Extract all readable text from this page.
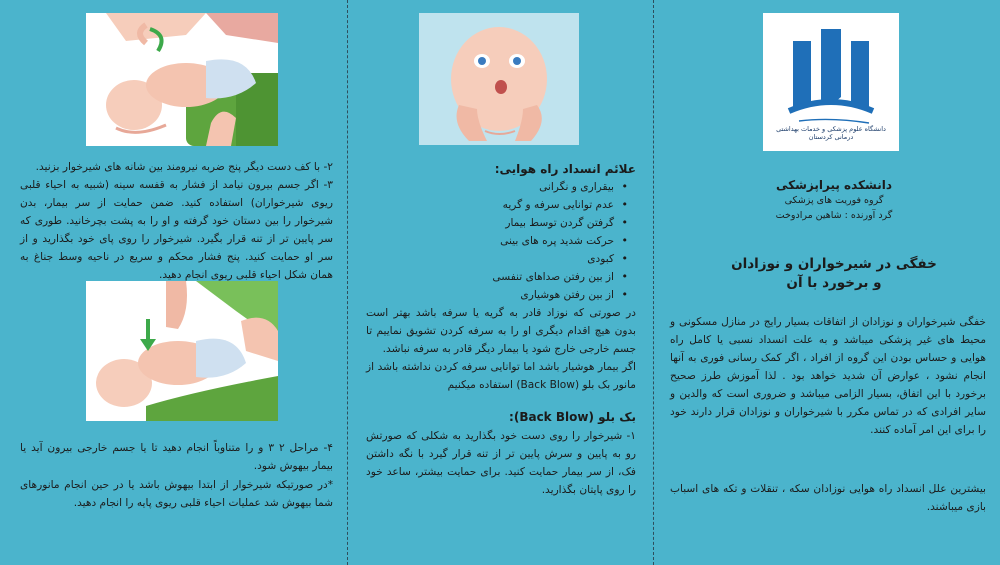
۲- با کف دست دیگر پنج ضربه نیرومند بین شانه های شیرخوار بزنید.
۳- اگر جسم بیرون نیامد از فشار به قفسه سینه (شبیه به احیاء قلبی ریوی شیرخواران) استفاده کنید. ضمن حمایت از سر بیمار، بدن شیرخوار را بین دستان خود گرفته و او را به پشت بچرخانید. طوری که سر پایین تر از تنه قرار بگیرد. شیرخوار را روی پای خود بگذارید و از سر او حمایت کنید. پنج فشار محکم و سریع در ناحیه وسط جناغ به همان شکل احیاء قلبی ریوی انجام دهید.
۴- مراحل ۲ ۳ و را متناوباً انجام دهید تا یا جسم خارجی بیرون آید یا بیمار بیهوش شود.
*در صورتیکه شیرخوار از ابتدا بیهوش باشد یا در حین انجام مانورهای شما بیهوش شد عملیات احیاء قلبی ریوی پایه را انجام دهید.
علائم انسداد راه هوایی:
• بیقراری و نگرانی
• عدم توانایی سرفه و گریه
• گرفتن گردن توسط بیمار
• حرکت شدید پره های بینی
• کبودی
• از بین رفتن صداهای تنفسی
• از بین رفتن هوشیاری
در صورتی که نوزاد قادر به گریه یا سرفه باشد بهتر است بدون هیچ اقدام دیگری او را به سرفه کردن تشویق نماییم تا جسم خارجی خارج شود یا بیمار دیگر قادر به سرفه نباشد.
اگر بیمار هوشیار باشد اما توانایی سرفه کردن نداشته باشد از مانور بک بلو (Back Blow) استفاده میکنیم
بک بلو (Back Blow):
۱- شیرخوار را روی دست خود بگذارید به شکلی که صورتش رو به پایین و سرش پایین تر از تنه قرار گیرد با نگه داشتن فک، از سر بیمار حمایت کنید. برای حمایت بیشتر، ساعد خود را روی پایتان بگذارید.
دانشگاه علوم پزشکی و خدمات بهداشتی درمانی کردستان
دانشکده پیراپزشکی
گروه فوریت های پزشکی
گرد آورنده : شاهین مرادوخت
خفگی در شیرخواران و نوزادان
و برخورد با آن
خفگی شیرخواران و نوزادان از اتفاقات بسیار رایج در منازل مسکونی و محیط های غیر پزشکی میباشد و به علت انسداد نسبی یا کامل راه هوایی و حساس بودن این گروه از افراد ، اگر کمک رسانی فوری به آنها انجام نشود ، عوارض آن شدید خواهد بود . لذا آموزش طرز صحیح برخورد با این اتفاق، بسیار الزامی میباشد و ضروری است که والدین و سایر افرادی که در تماس مکرر با شیرخواران و نوزادان قرار دارند خود را برای این امر آماده کنند.
بیشترین علل انسداد راه هوایی نوزادان سکه ، تنقلات و تکه های اسباب بازی میباشند.
